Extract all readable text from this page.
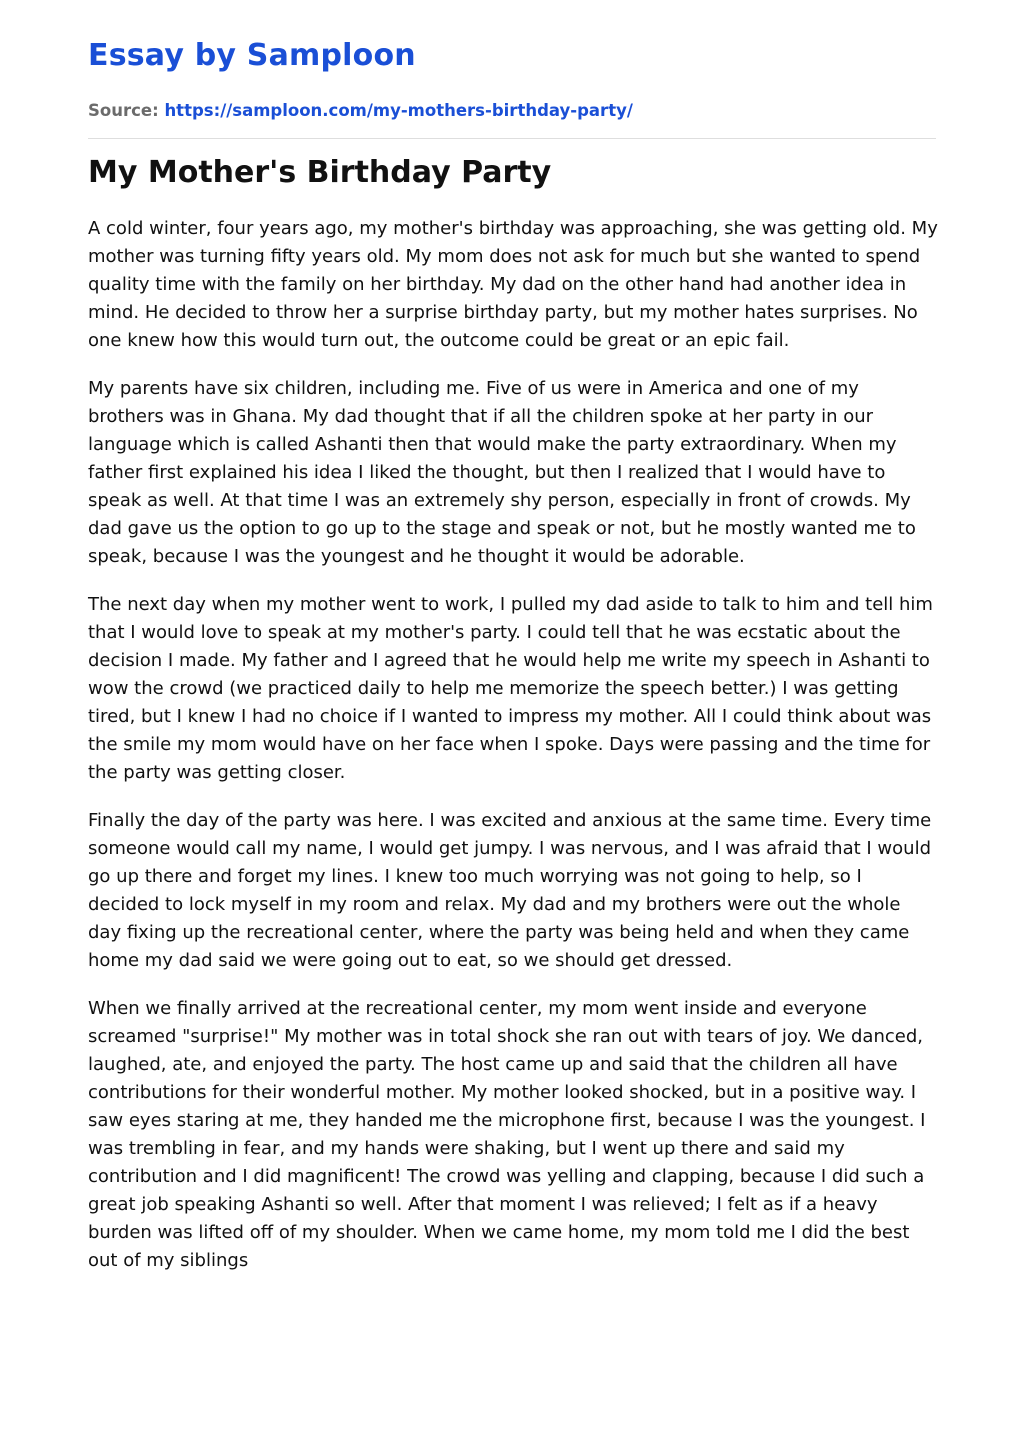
Essay by Samploon
Source: https://samploon.com/my-mothers-birthday-party/
My Mother's Birthday Party

A cold winter, four years ago, my mother's birthday was approaching, she was getting old. My mother was turning fifty years old. My mom does not ask for much but she wanted to spend quality time with the family on her birthday. My dad on the other hand had another idea in mind. He decided to throw her a surprise birthday party, but my mother hates surprises. No one knew how this would turn out, the outcome could be great or an epic fail.

My parents have six children, including me. Five of us were in America and one of my brothers was in Ghana. My dad thought that if all the children spoke at her party in our language which is called Ashanti then that would make the party extraordinary. When my father first explained his idea I liked the thought, but then I realized that I would have to speak as well. At that time I was an extremely shy person, especially in front of crowds. My dad gave us the option to go up to the stage and speak or not, but he mostly wanted me to speak, because I was the youngest and he thought it would be adorable.

The next day when my mother went to work, I pulled my dad aside to talk to him and tell him that I would love to speak at my mother's party. I could tell that he was ecstatic about the decision I made. My father and I agreed that he would help me write my speech in Ashanti to wow the crowd (we practiced daily to help me memorize the speech better.) I was getting tired, but I knew I had no choice if I wanted to impress my mother. All I could think about was the smile my mom would have on her face when I spoke. Days were passing and the time for the party was getting closer.

Finally the day of the party was here. I was excited and anxious at the same time. Every time someone would call my name, I would get jumpy. I was nervous, and I was afraid that I would go up there and forget my lines. I knew too much worrying was not going to help, so I decided to lock myself in my room and relax. My dad and my brothers were out the whole day fixing up the recreational center, where the party was being held and when they came home my dad said we were going out to eat, so we should get dressed.

When we finally arrived at the recreational center, my mom went inside and everyone screamed "surprise!" My mother was in total shock she ran out with tears of joy. We danced, laughed, ate, and enjoyed the party. The host came up and said that the children all have contributions for their wonderful mother. My mother looked shocked, but in a positive way. I saw eyes staring at me, they handed me the microphone first, because I was the youngest. I was trembling in fear, and my hands were shaking, but I went up there and said my contribution and I did magnificent! The crowd was yelling and clapping, because I did such a great job speaking Ashanti so well. After that moment I was relieved; I felt as if a heavy burden was lifted off of my shoulder. When we came home, my mom told me I did the best out of my siblings
